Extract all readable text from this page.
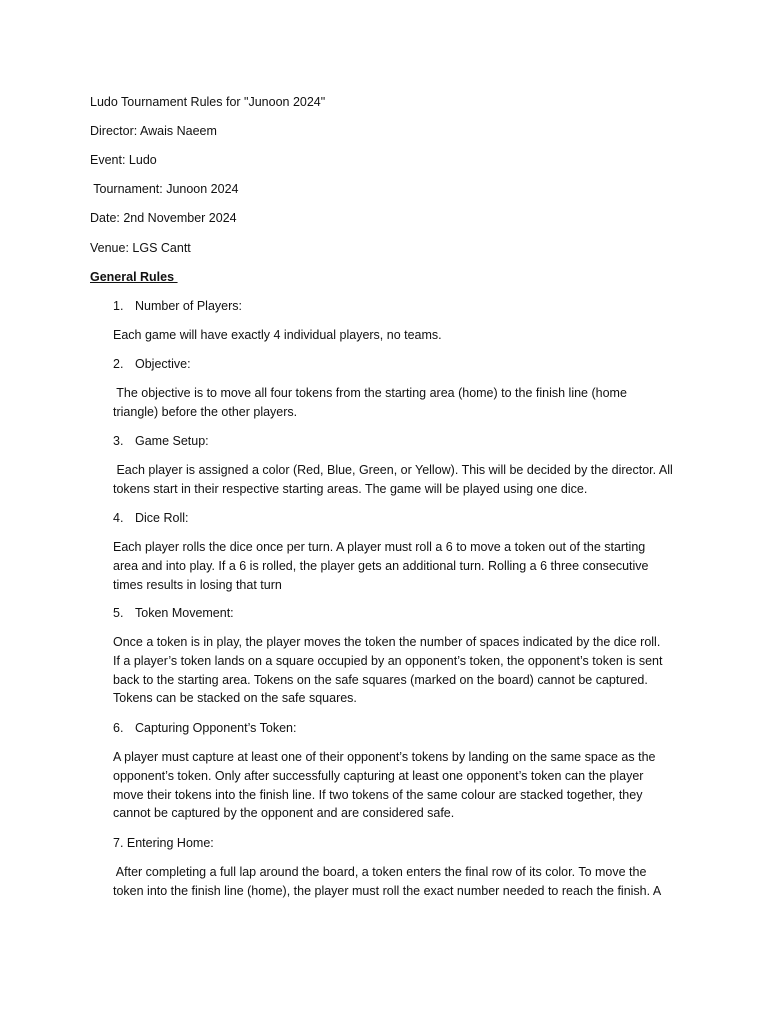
Ludo Tournament Rules for "Junoon 2024"
Director: Awais Naeem
Event: Ludo
Tournament: Junoon 2024
Date: 2nd November 2024
Venue: LGS Cantt
General Rules
1. Number of Players:
Each game will have exactly 4 individual players, no teams.
2. Objective:
The objective is to move all four tokens from the starting area (home) to the finish line (home
triangle) before the other players.
3. Game Setup:
Each player is assigned a color (Red, Blue, Green, or Yellow). This will be decided by the director. All
tokens start in their respective starting areas. The game will be played using one dice.
4. Dice Roll:
Each player rolls the dice once per turn. A player must roll a 6 to move a token out of the starting
area and into play. If a 6 is rolled, the player gets an additional turn. Rolling a 6 three consecutive
times results in losing that turn
5. Token Movement:
Once a token is in play, the player moves the token the number of spaces indicated by the dice roll.
If a player’s token lands on a square occupied by an opponent’s token, the opponent’s token is sent
back to the starting area. Tokens on the safe squares (marked on the board) cannot be captured.
Tokens can be stacked on the safe squares.
6. Capturing Opponent’s Token:
A player must capture at least one of their opponent’s tokens by landing on the same space as the
opponent’s token. Only after successfully capturing at least one opponent’s token can the player
move their tokens into the finish line. If two tokens of the same colour are stacked together, they
cannot be captured by the opponent and are considered safe.
7. Entering Home:
After completing a full lap around the board, a token enters the final row of its color. To move the
token into the finish line (home), the player must roll the exact number needed to reach the finish. A
